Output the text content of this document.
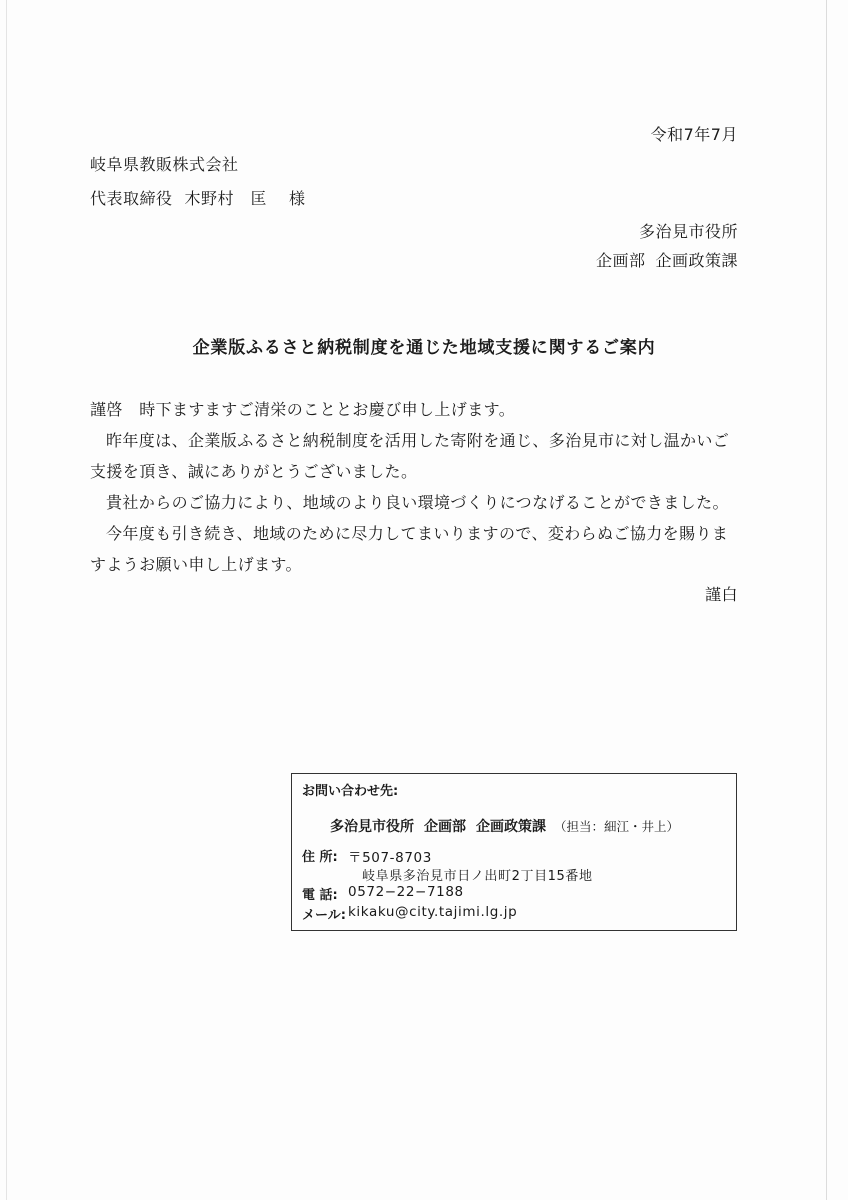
令和7年7月
岐阜県教販株式会社
代表取締役 木野村　匡 様
多治見市役所
企画部 企画政策課
企業版ふるさと納税制度を通じた地域支援に関するご案内

謹啓　時下ますますご清栄のこととお慶び申し上げます。

昨年度は、企業版ふるさと納税制度を活用した寄附を通じ、多治見市に対し温かいご

支援を頂き、誠にありがとうございました。

貴社からのご協力により、地域のより良い環境づくりにつなげることができました。

今年度も引き続き、地域のために尽力してまいりますので、変わらぬご協力を賜りま

すようお願い申し上げます。

謹白
お問い合わせ先:
多治見市役所 企画部 企画政策課 （担当：細江・井上）
住 所: 〒507-8703
岐阜県多治見市日ノ出町2丁目15番地
電 話: 0572−22−7188
メール: kikaku@city.tajimi.lg.jp
